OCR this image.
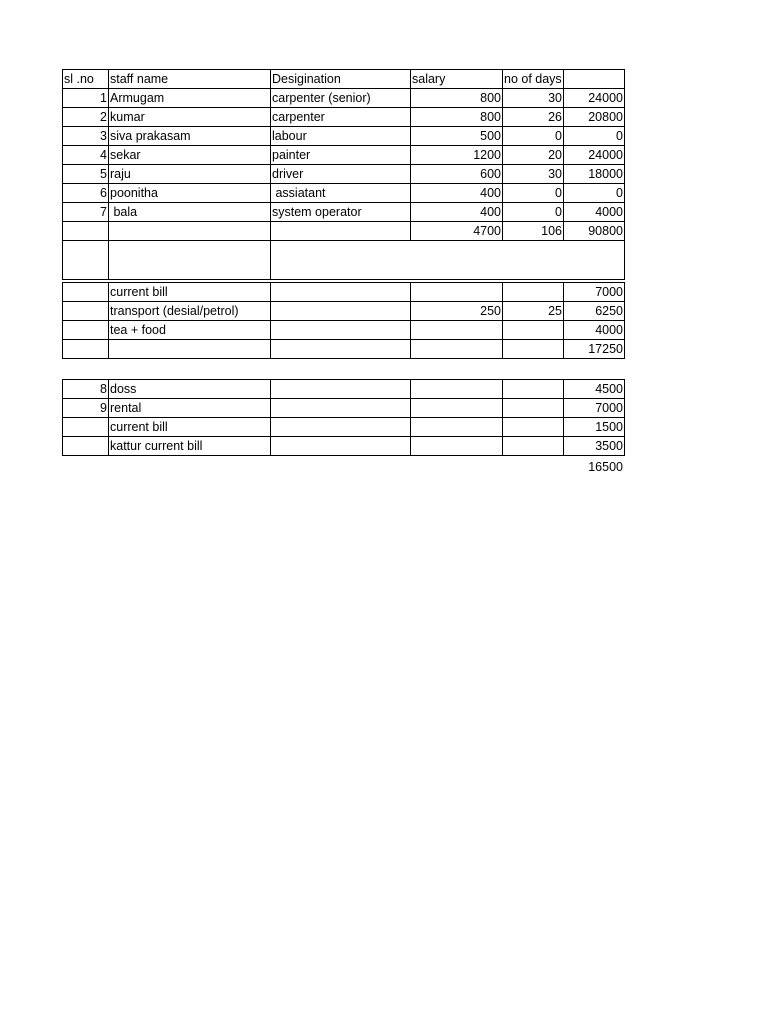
sl .no	staff name	Desigination	salary	no of days	
1	Armugam	carpenter (senior)	800	30	24000
2	kumar	carpenter	800	26	20800
3	siva prakasam	labour	500	0	0
4	sekar	painter	1200	20	24000
5	raju	driver	600	30	18000
6	poonitha	assiatant	400	0	0
7	bala	system operator	400	0	4000
			4700	106	90800

	current bill				7000
	transport (desial/petrol)		250	25	6250
	tea + food				4000
					17250
8	doss				4500
9	rental				7000
	current bill				1500
	kattur current bill				3500
16500
